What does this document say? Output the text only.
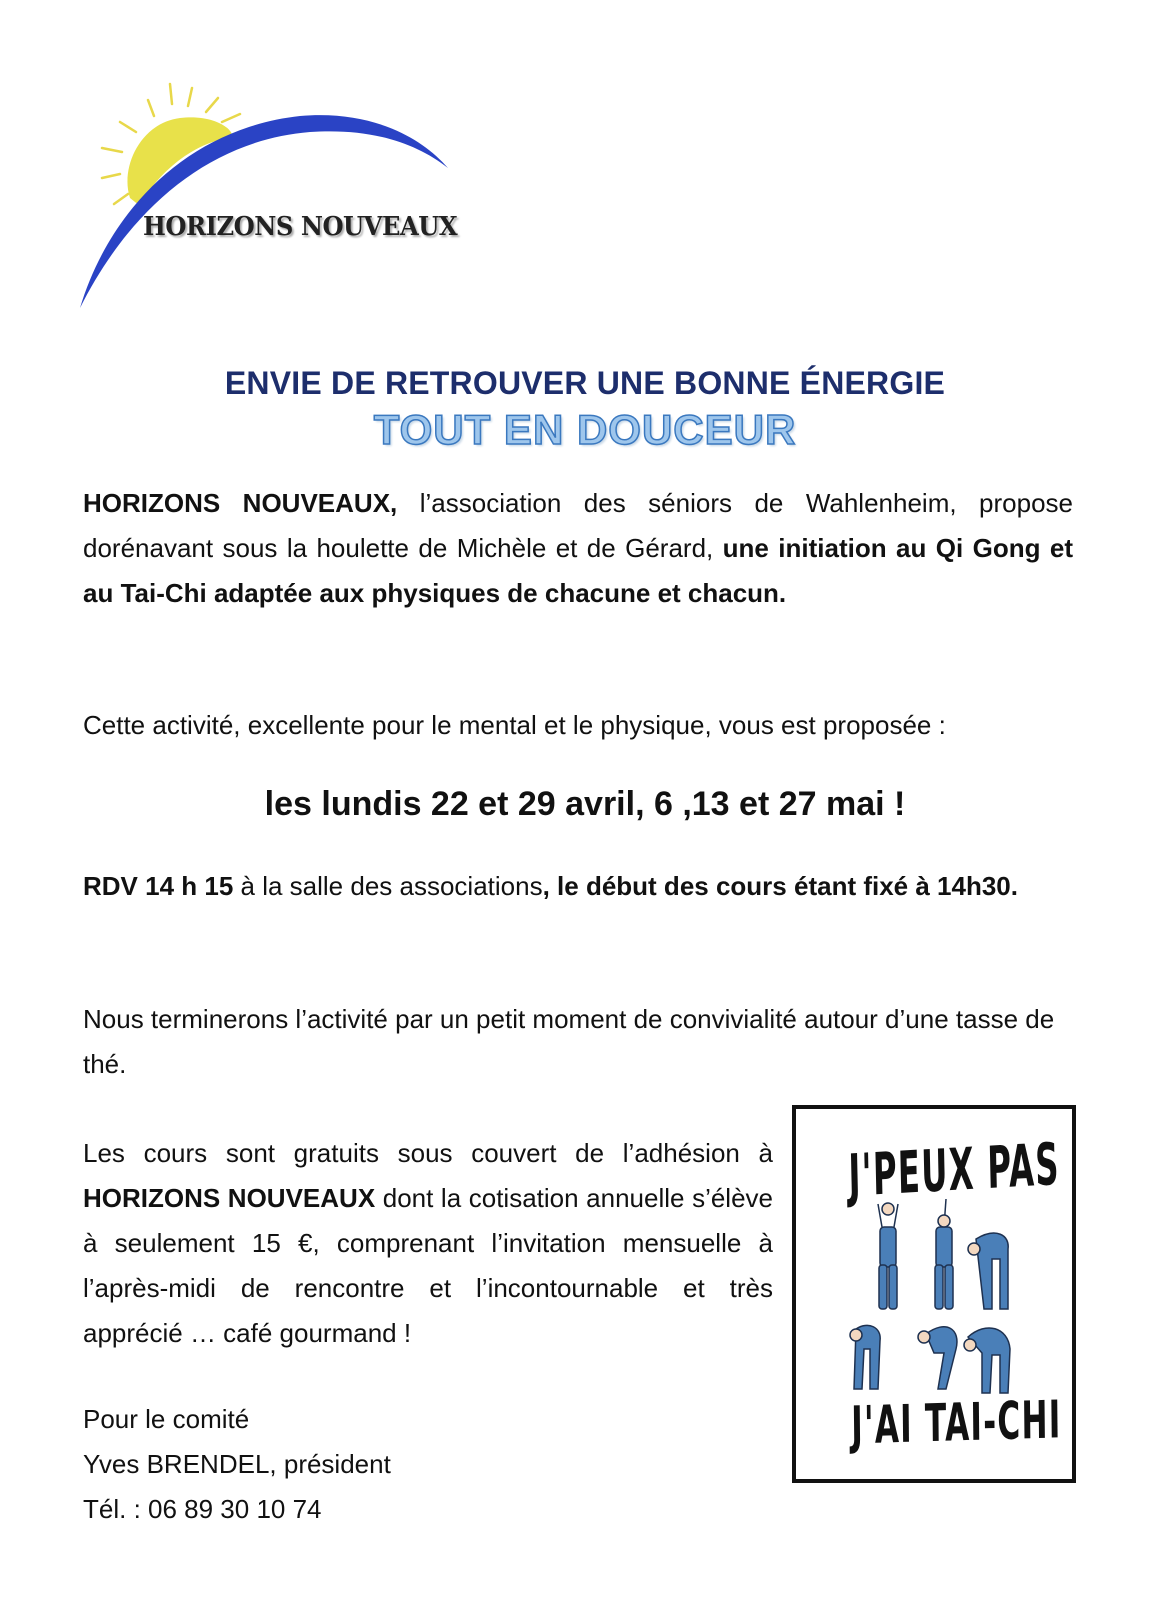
HORIZONS NOUVEAUX
ENVIE DE RETROUVER UNE BONNE ÉNERGIE
TOUT EN DOUCEUR
HORIZONS NOUVEAUX, l’association des séniors de Wahlenheim, propose dorénavant sous la houlette de Michèle et de Gérard, une initiation au Qi Gong et au Tai-Chi adaptée aux physiques de chacune et chacun.
Cette activité, excellente pour le mental et le physique, vous est proposée :
les lundis 22 et 29 avril, 6 ,13 et 27 mai !
RDV 14 h 15 à la salle des associations, le début des cours étant fixé à 14h30.
Nous terminerons l’activité par un petit moment de convivialité autour d’une tasse de thé.
Les cours sont gratuits sous couvert de l’adhésion à HORIZONS NOUVEAUX dont la cotisation annuelle s’élève à seulement 15 €, comprenant l’invitation mensuelle à l’après-midi de rencontre et l’incontournable et très apprécié … café gourmand !
Pour le comité
Yves BRENDEL, président
Tél. : 06 89 30 10 74
J'PEUX PAS
J'AI TAI-CHI
